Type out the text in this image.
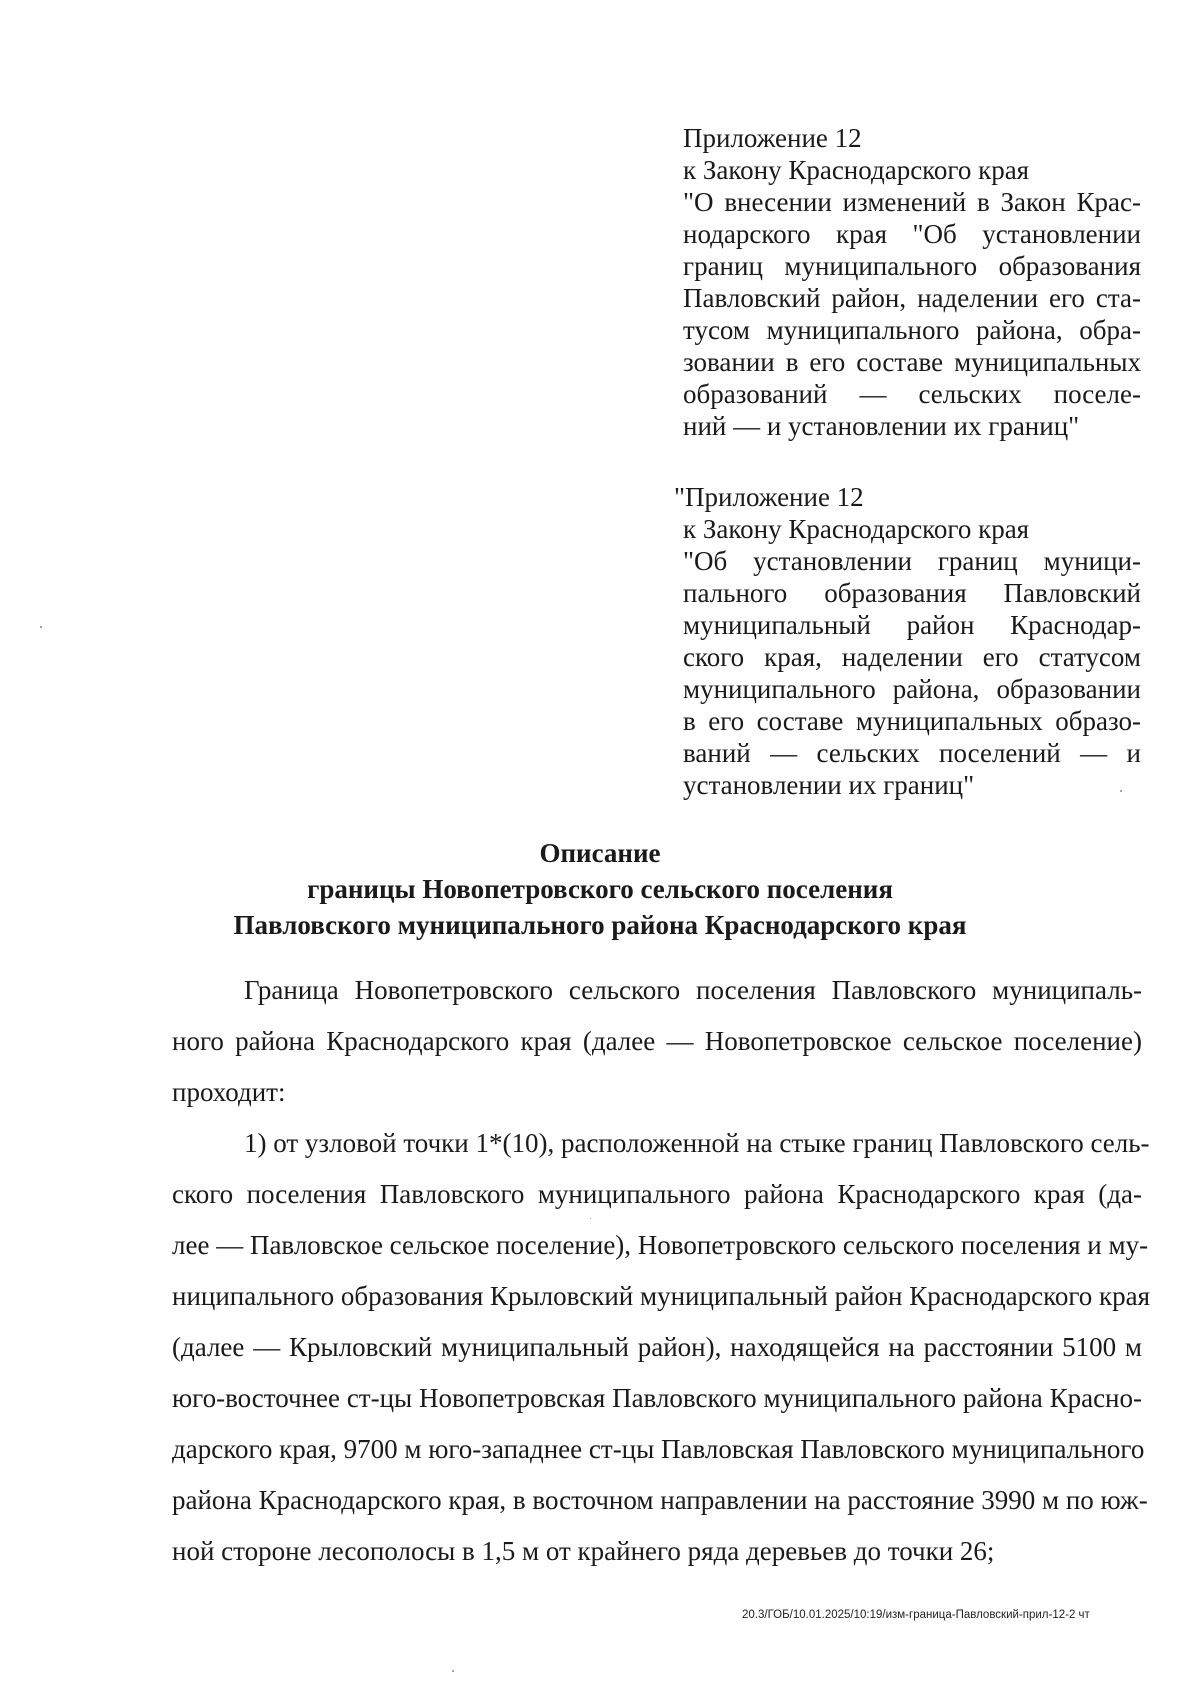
Приложение 12
к Закону Краснодарского края
"О внесении изменений в Закон Крас-
нодарского края "Об установлении
границ муниципального образования
Павловский район, наделении его ста-
тусом муниципального района, обра-
зовании в его составе муниципальных
образований — сельских поселе-
ний — и установлении их границ"
"Приложение 12
к Закону Краснодарского края
"Об установлении границ муници-
пального образования Павловский
муниципальный район Краснодар-
ского края, наделении его статусом
муниципального района, образовании
в его составе муниципальных образо-
ваний — сельских поселений — и
установлении их границ"
Описание
границы Новопетровского сельского поселения
Павловского муниципального района Краснодарского края
Граница Новопетровского сельского поселения Павловского муниципаль-
ного района Краснодарского края (далее — Новопетровское сельское поселение)
проходит:
1) от узловой точки 1*(10), расположенной на стыке границ Павловского сель-
ского поселения Павловского муниципального района Краснодарского края (да-
лее — Павловское сельское поселение), Новопетровского сельского поселения и му-
ниципального образования Крыловский муниципальный район Краснодарского края
(далее — Крыловский муниципальный район), находящейся на расстоянии 5100 м
юго-восточнее ст-цы Новопетровская Павловского муниципального района Красно-
дарского края, 9700 м юго-западнее ст-цы Павловская Павловского муниципального
района Краснодарского края, в восточном направлении на расстояние 3990 м по юж-
ной стороне лесополосы в 1,5 м от крайнего ряда деревьев до точки 26;
20.3/ГОБ/10.01.2025/10:19/изм-граница-Павловский-прил-12-2 чт
